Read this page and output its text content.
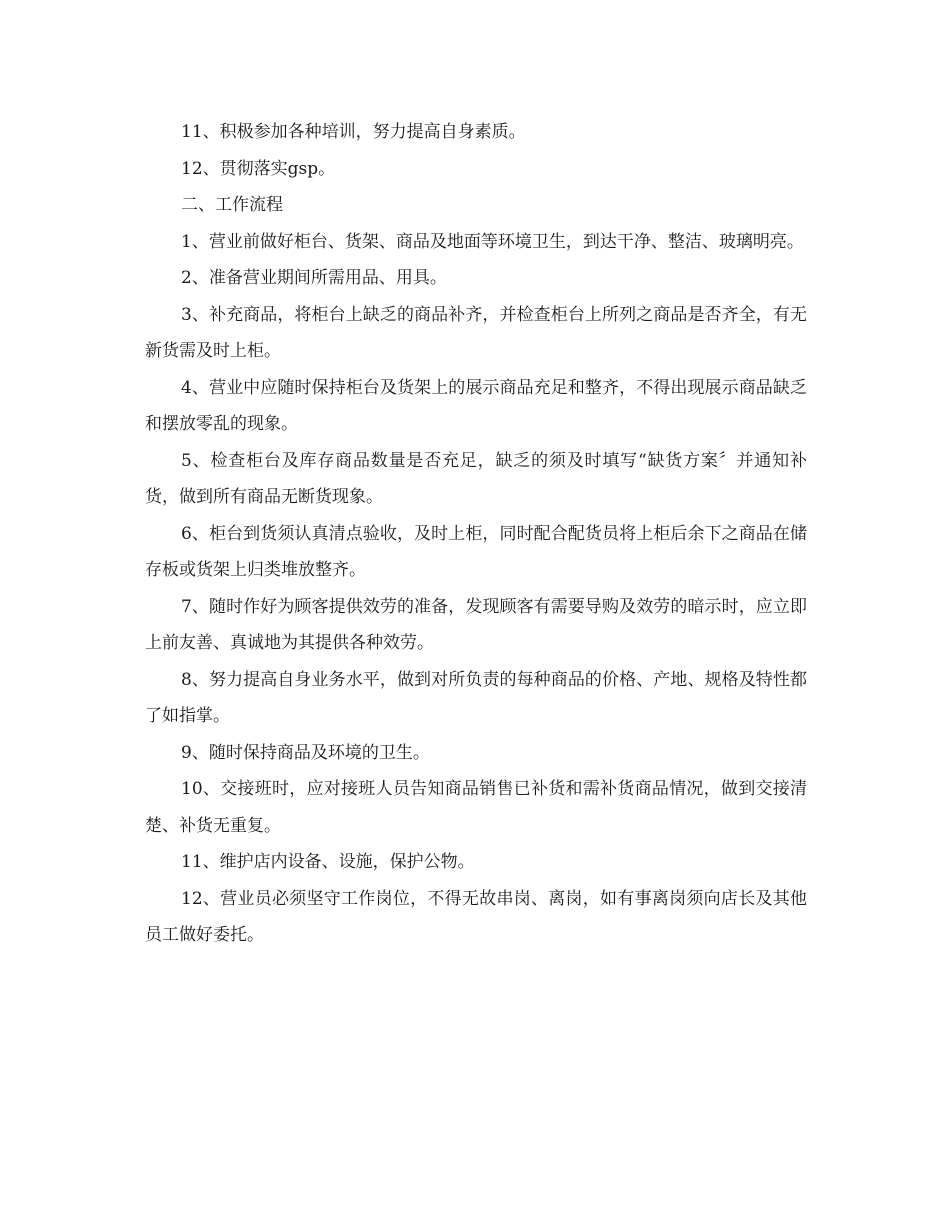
11、积极参加各种培训，努力提高自身素质。

12、贯彻落实gsp。

二、工作流程

1、营业前做好柜台、货架、商品及地面等环境卫生，到达干净、整洁、玻璃明亮。

2、准备营业期间所需用品、用具。

3、补充商品，将柜台上缺乏的商品补齐，并检查柜台上所列之商品是否齐全，有无新货需及时上柜。

4、营业中应随时保持柜台及货架上的展示商品充足和整齐，不得出现展示商品缺乏和摆放零乱的现象。

5、检查柜台及库存商品数量是否充足，缺乏的须及时填写“缺货方案〞并通知补货，做到所有商品无断货现象。

6、柜台到货须认真清点验收，及时上柜，同时配合配货员将上柜后余下之商品在储存板或货架上归类堆放整齐。

7、随时作好为顾客提供效劳的准备，发现顾客有需要导购及效劳的暗示时，应立即上前友善、真诚地为其提供各种效劳。

8、努力提高自身业务水平，做到对所负责的每种商品的价格、产地、规格及特性都了如指掌。

9、随时保持商品及环境的卫生。

10、交接班时，应对接班人员告知商品销售已补货和需补货商品情况，做到交接清楚、补货无重复。

11、维护店内设备、设施，保护公物。

12、营业员必须坚守工作岗位，不得无故串岗、离岗，如有事离岗须向店长及其他员工做好委托。
